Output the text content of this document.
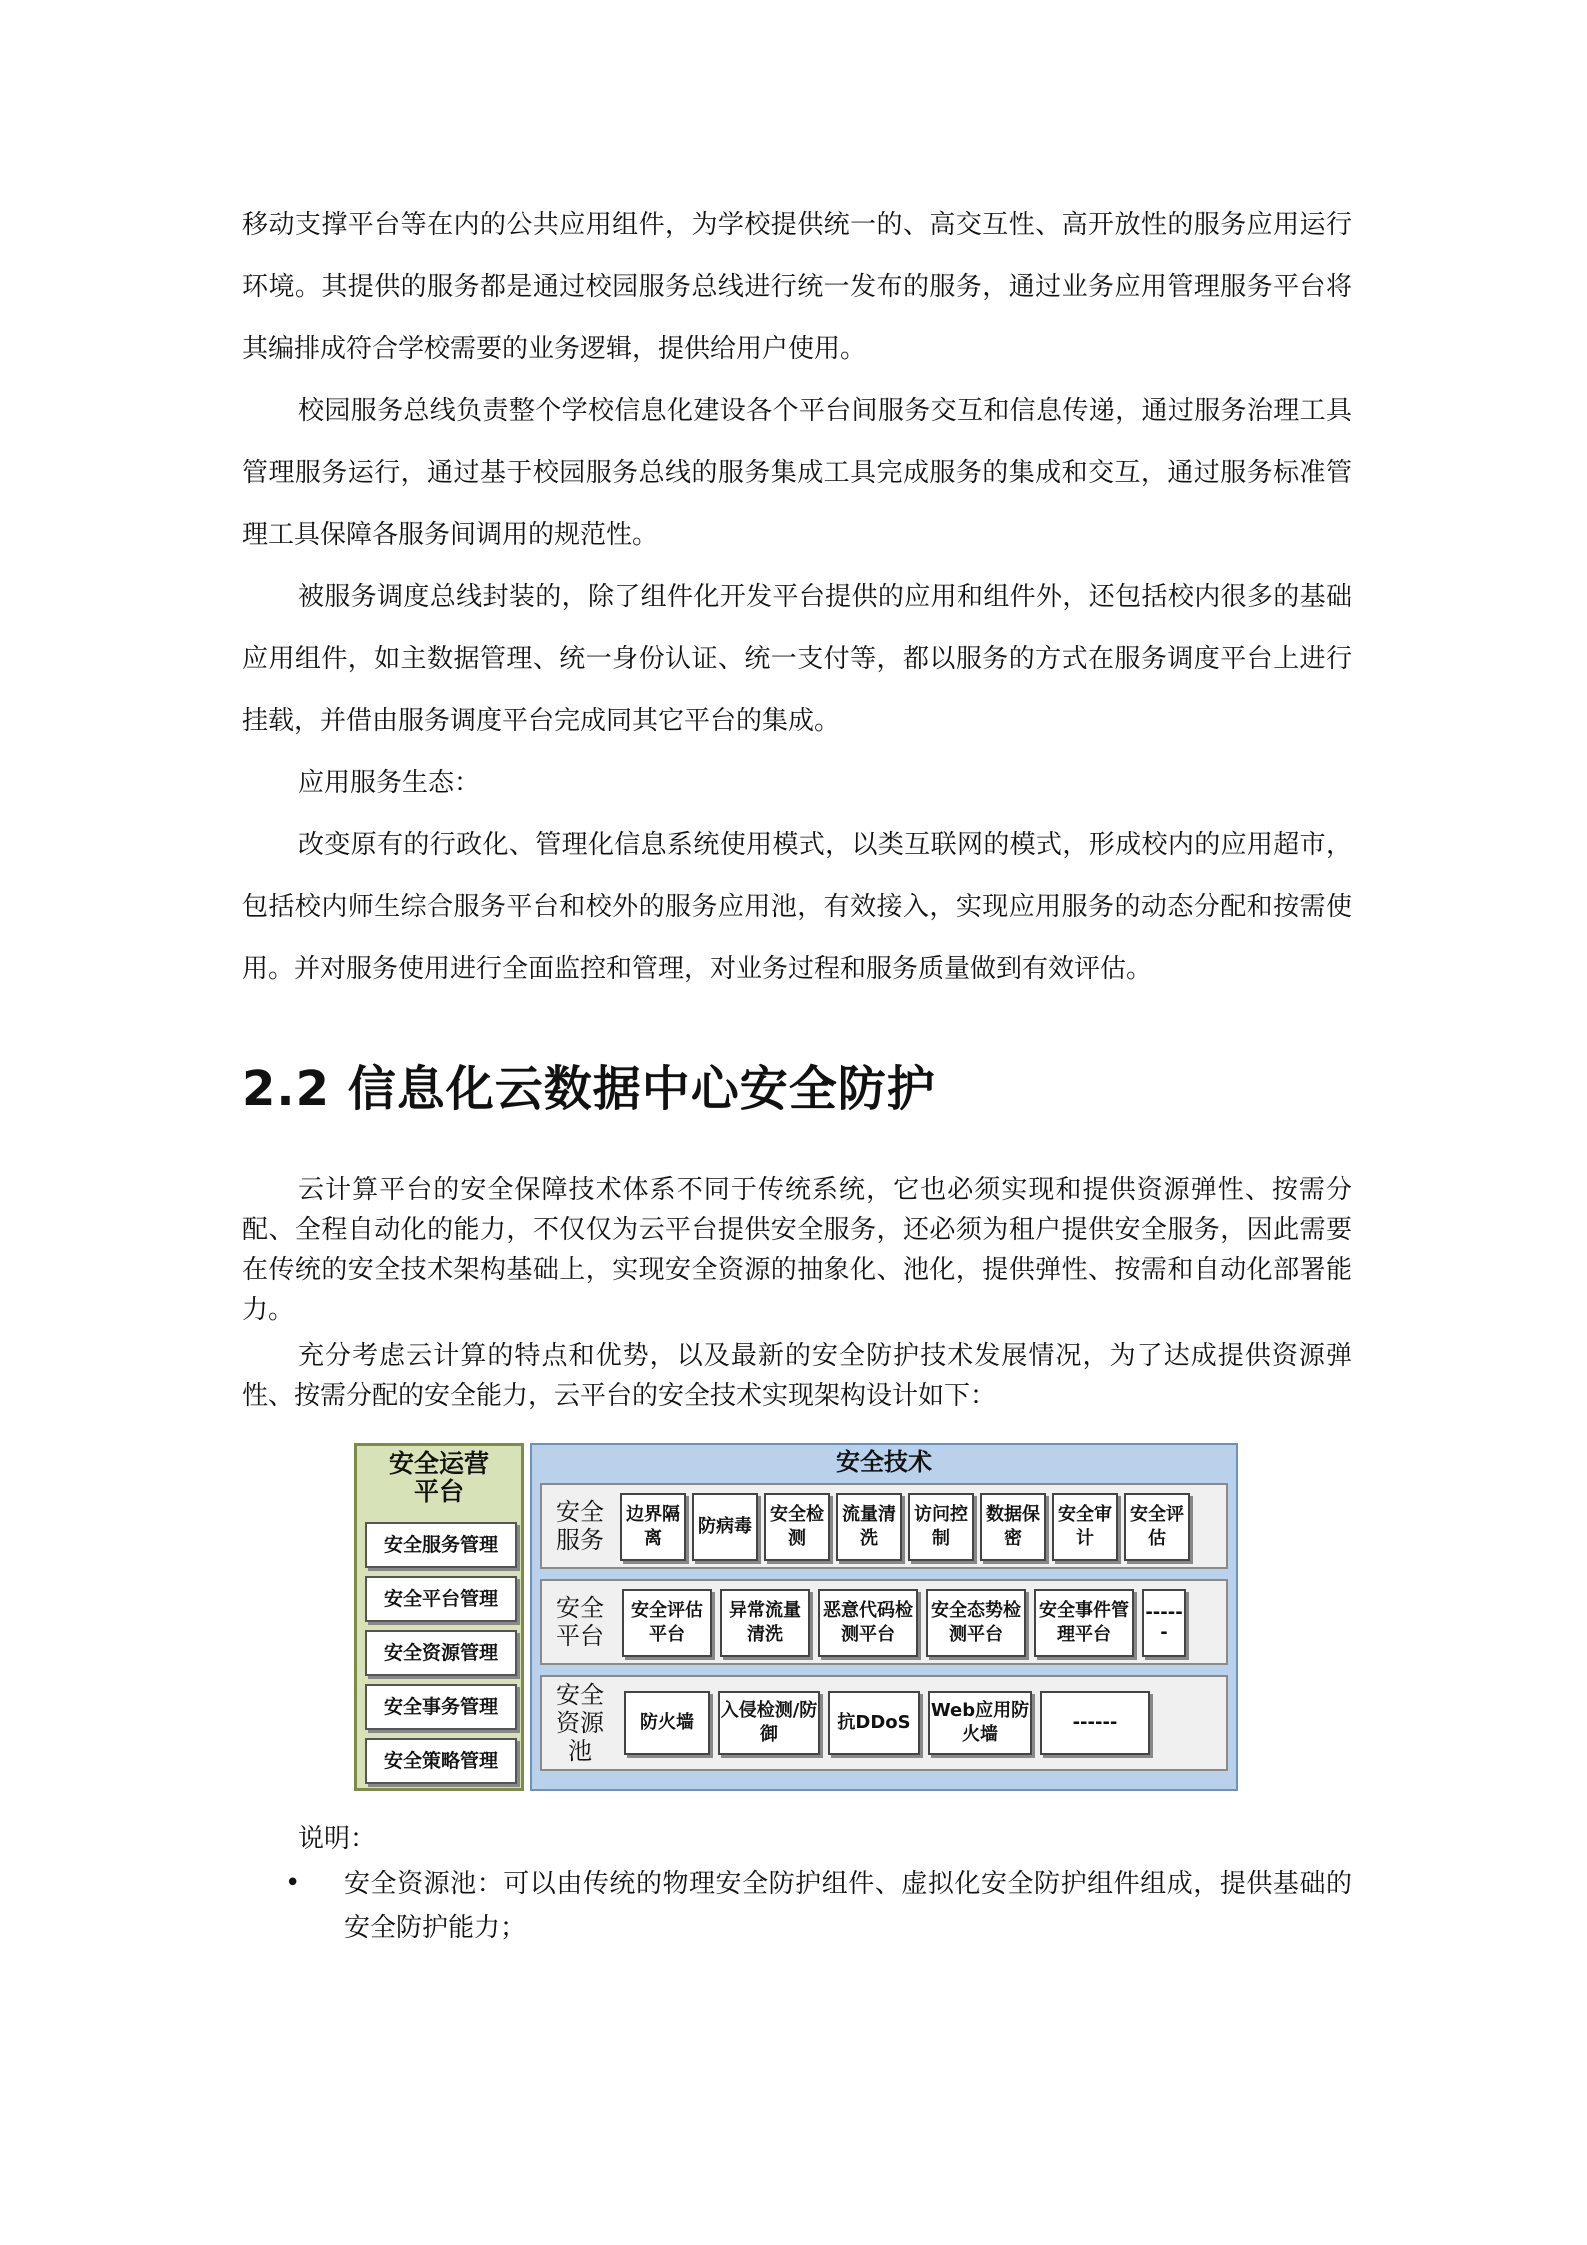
移动支撑平台等在内的公共应用组件，为学校提供统一的、高交互性、高开放性的服务应用运行环境。其提供的服务都是通过校园服务总线进行统一发布的服务，通过业务应用管理服务平台将其编排成符合学校需要的业务逻辑，提供给用户使用。

校园服务总线负责整个学校信息化建设各个平台间服务交互和信息传递，通过服务治理工具管理服务运行，通过基于校园服务总线的服务集成工具完成服务的集成和交互，通过服务标准管理工具保障各服务间调用的规范性。

被服务调度总线封装的，除了组件化开发平台提供的应用和组件外，还包括校内很多的基础应用组件，如主数据管理、统一身份认证、统一支付等，都以服务的方式在服务调度平台上进行挂载，并借由服务调度平台完成同其它平台的集成。

应用服务生态：

改变原有的行政化、管理化信息系统使用模式，以类互联网的模式，形成校内的应用超市，包括校内师生综合服务平台和校外的服务应用池，有效接入，实现应用服务的动态分配和按需使用。并对服务使用进行全面监控和管理，对业务过程和服务质量做到有效评估。

2.2 信息化云数据中心安全防护

云计算平台的安全保障技术体系不同于传统系统，它也必须实现和提供资源弹性、按需分配、全程自动化的能力，不仅仅为云平台提供安全服务，还必须为租户提供安全服务，因此需要在传统的安全技术架构基础上，实现安全资源的抽象化、池化，提供弹性、按需和自动化部署能力。

充分考虑云计算的特点和优势，以及最新的安全防护技术发展情况，为了达成提供资源弹性、按需分配的安全能力，云平台的安全技术实现架构设计如下：

安全运营
平台
安全服务管理
安全平台管理
安全资源管理
安全事务管理
安全策略管理
安全技术
安全服务
边界隔离
防病毒
安全检测
流量清洗
访问控制
数据保密
安全审计
安全评估
安全平台
安全评估平台
异常流量清洗
恶意代码检测平台
安全态势检测平台
安全事件管理平台
------
安全资源池
防火墙
入侵检测/防御
抗DDoS
Web应用防火墙
------
说明：
• 安全资源池：可以由传统的物理安全防护组件、虚拟化安全防护组件组成，提供基础的安全防护能力；
